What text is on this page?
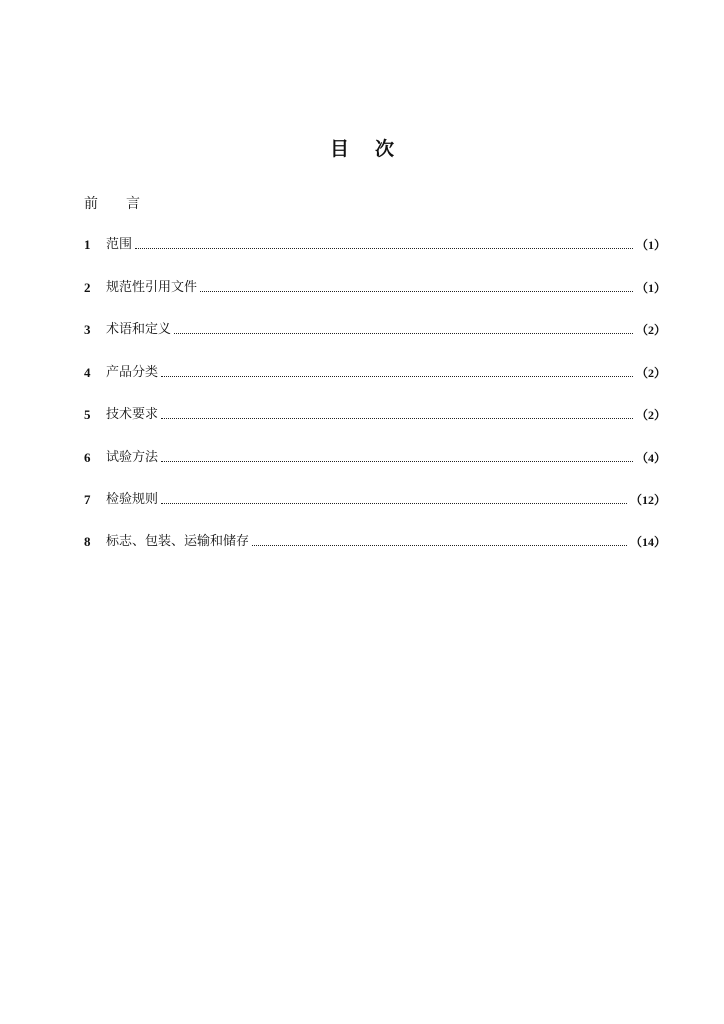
目 次
前 言
1	范围	（1）
2	规范性引用文件	（1）
3	术语和定义	（2）
4	产品分类	（2）
5	技术要求	（2）
6	试验方法	（4）
7	检验规则	（12）
8	标志、包装、运输和储存	（14）
